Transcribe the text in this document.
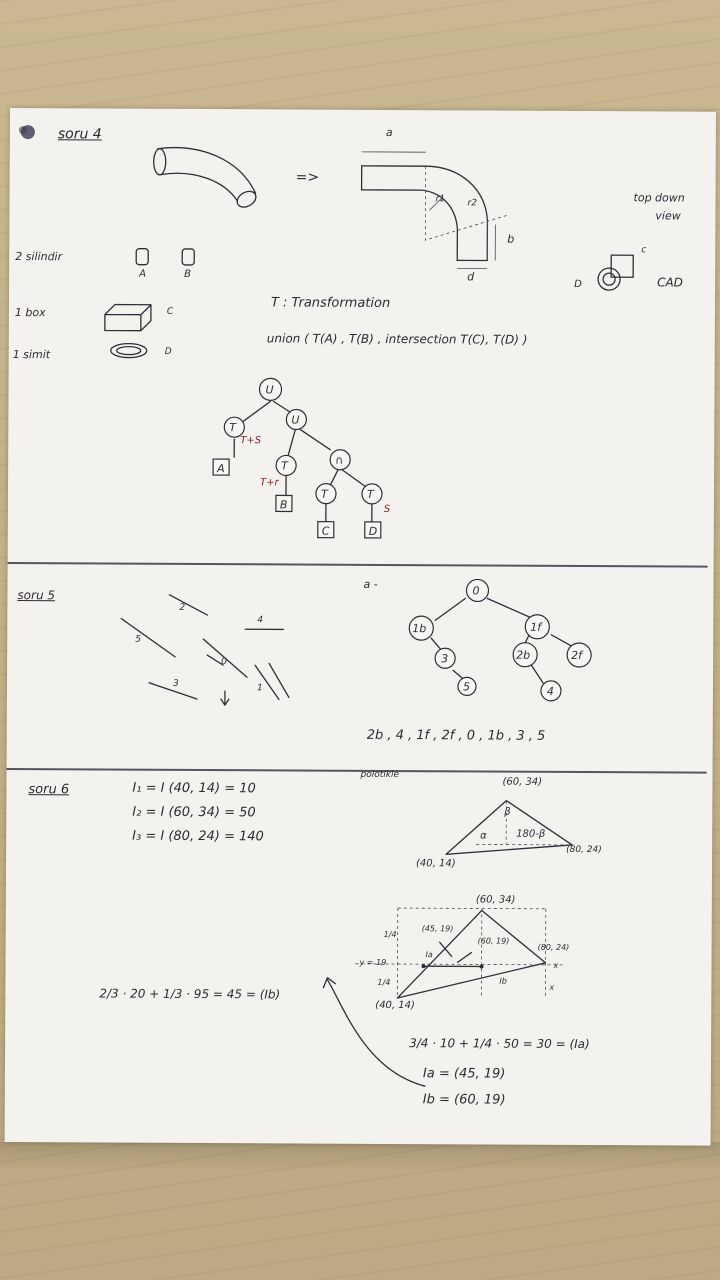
soru 4
U
T
U
T	∩
T	T
A
B
C	D
T+S
T+r
S
=>
a
b
d
r1 r2	top down
view
CAD
c
D
2 silindir
A	B
1 box	C
1 simit	D
T : Transformation
union ( T(A) , T(B) , intersection T(C), T(D) )
soru 5	0
1b	1f
3
5
2b	2f
4
2
5
4
0
3	1
a -
2b , 4 , 1f , 2f , 0 , 1b , 3 , 5
soru 6	I₁ = I (40, 14) = 10
I₂ = I (60, 34) = 50
I₃ = I (80, 24) = 140
polotikle
β
α	180-β
(60, 34)
(40, 14)
(80, 24)
(60, 34)
(45, 19)
(60, 19)
(80, 24)
(40, 14)
y = 19
Ia
Ib
1/4
1/4
x
x
2/3 · 20 + 1/3 · 95 = 45 = (Ib)
3/4 · 10 + 1/4 · 50 = 30 = (Ia)
Ia = (45, 19)
Ib = (60, 19)
